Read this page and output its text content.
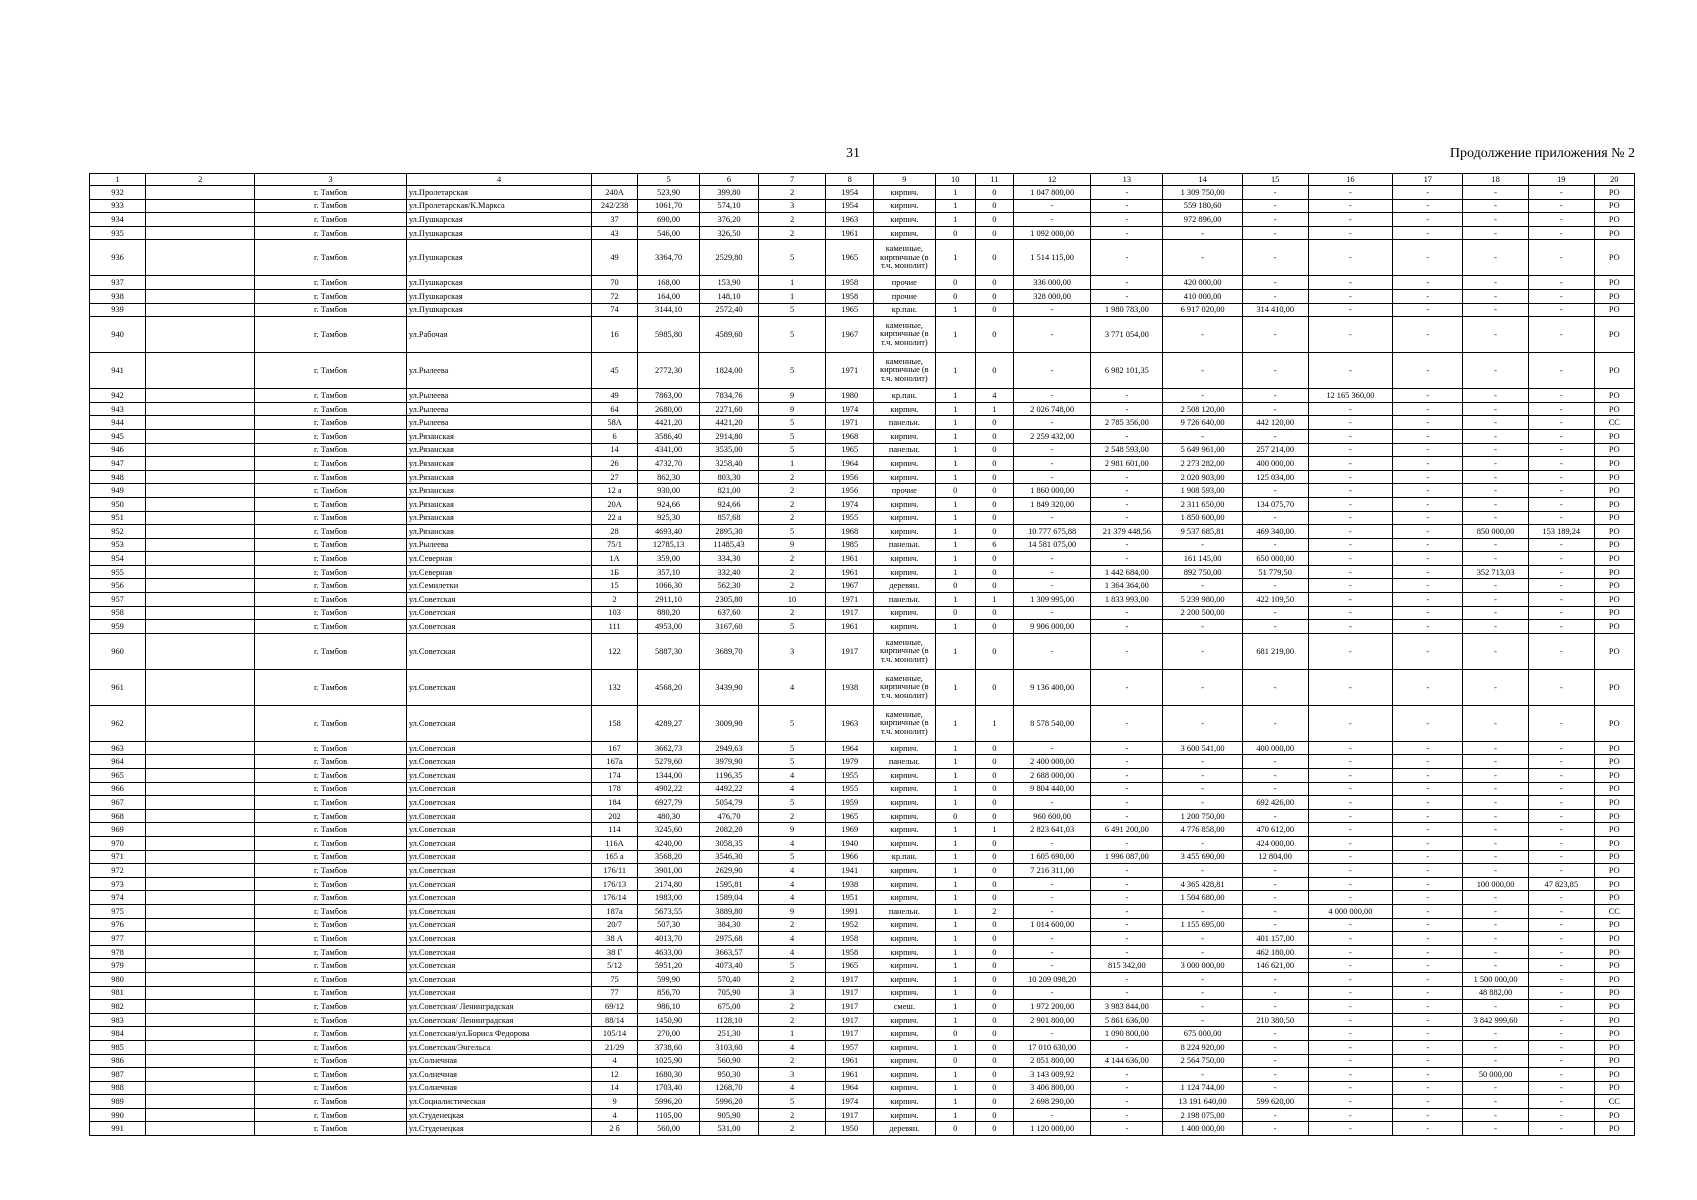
31	Продолжение приложения № 2
1	2	3	4		5	6	7	8	9	10	11	12	13	14	15	16	17	18	19	20
932		г. Тамбов	ул.Пролетарская	240А	523,90	399,80	2	1954	кирпич.	1	0	1 047 800,00	-	1 309 750,00	-	-	-	-	-	РО
933		г. Тамбов	ул.Пролетарская/К.Маркса	242/238	1061,70	574,10	3	1954	кирпич.	1	0	-	-	559 180,60	-	-	-	-	-	РО
934		г. Тамбов	ул.Пушкарская	37	690,00	376,20	2	1963	кирпич.	1	0	-	-	972 896,00	-	-	-	-	-	РО
935		г. Тамбов	ул.Пушкарская	43	546,00	326,50	2	1961	кирпич.	0	0	1 092 000,00	-	-	-	-	-	-	-	РО
936		г. Тамбов	ул.Пушкарская	49	3364,70	2529,80	5	1965	каменные, кирпичные (в т.ч. монолит)	1	0	1 514 115,00	-	-	-	-	-	-	-	РО
937		г. Тамбов	ул.Пушкарская	70	168,00	153,90	1	1958	прочие	0	0	336 000,00	-	420 000,00	-	-	-	-	-	РО
938		г. Тамбов	ул.Пушкарская	72	164,00	148,10	1	1958	прочие	0	0	328 000,00	-	410 000,00	-	-	-	-	-	РО
939		г. Тамбов	ул.Пушкарская	74	3144,10	2572,40	5	1965	кр.пан.	1	0	-	1 980 783,00	6 917 020,00	314 410,00	-	-	-	-	РО
940		г. Тамбов	ул.Рабочая	16	5985,80	4589,60	5	1967	каменные, кирпичные (в т.ч. монолит)	1	0	-	3 771 054,00	-	-	-	-	-	-	РО
941		г. Тамбов	ул.Рылеева	45	2772,30	1824,00	5	1971	каменные, кирпичные (в т.ч. монолит)	1	0	-	6 982 101,35	-	-	-	-	-	-	РО
942		г. Тамбов	ул.Рылеева	49	7863,00	7834,76	9	1980	кр.пан.	1	4	-	-	-	-	12 165 360,00	-	-	-	РО
943		г. Тамбов	ул.Рылеева	64	2680,00	2271,60	9	1974	кирпич.	1	1	2 026 748,00	-	2 508 120,00	-	-	-	-	-	РО
944		г. Тамбов	ул.Рылеева	58А	4421,20	4421,20	5	1971	панельн.	1	0	-	2 785 356,00	9 726 640,00	442 120,00	-	-	-	-	СС
945		г. Тамбов	ул.Рязанская	6	3586,40	2914,80	5	1968	кирпич.	1	0	2 259 432,00	-	-	-	-	-	-	-	РО
946		г. Тамбов	ул.Рязанская	14	4341,00	3535,00	5	1965	панельн.	1	0	-	2 548 593,00	5 649 961,00	257 214,00	-	-	-	-	РО
947		г. Тамбов	ул.Рязанская	26	4732,70	3258,40	1	1964	кирпич.	1	0	-	2 981 601,00	2 273 282,00	400 000,00	-	-	-	-	РО
948		г. Тамбов	ул.Рязанская	27	862,30	803,30	2	1956	кирпич.	1	0	-	-	2 020 903,00	125 034,00	-	-	-	-	РО
949		г. Тамбов	ул.Рязанская	12 а	930,00	821,00	2	1956	прочие	0	0	1 860 000,00	-	1 908 593,00	-	-	-	-	-	РО
950		г. Тамбов	ул.Рязанская	20А	924,66	924,66	2	1974	кирпич.	1	0	1 849 320,00	-	2 311 650,00	134 075,70	-	-	-	-	РО
951		г. Тамбов	ул.Рязанская	22 а	925,30	857,68	2	1955	кирпич.	1	0	-	-	1 850 600,00	-	-	-	-	-	РО
952		г. Тамбов	ул.Рязанская	28	4693,40	2895,30	5	1968	кирпич.	1	0	10 777 675,88	21 379 448,56	9 537 685,81	469 340,00	-	-	850 000,00	153 189,24	РО
953		г. Тамбов	ул.Рылеева	75/1	12785,13	11485,43	9	1985	панельн.	1	6	14 581 075,00	-	-	-	-	-	-	-	РО
954		г. Тамбов	ул.Северная	1А	359,00	334,30	2	1961	кирпич.	1	0	-	-	161 145,00	650 000,00	-	-	-	-	РО
955		г. Тамбов	ул.Северная	1Б	357,10	332,40	2	1961	кирпич.	1	0	-	1 442 684,00	892 750,00	51 779,50	-	-	352 713,03	-	РО
956		г. Тамбов	ул.Семилетки	15	1066,30	562,30	2	1967	деревян.	0	0	-	1 364 364,00	-	-	-	-	-	-	РО
957		г. Тамбов	ул.Советская	2	2911,10	2305,80	10	1971	панельн.	1	1	1 309 995,00	1 833 993,00	5 239 980,00	422 109,50	-	-	-	-	РО
958		г. Тамбов	ул.Советская	103	880,20	637,60	2	1917	кирпич.	0	0	-	-	2 200 500,00	-	-	-	-	-	РО
959		г. Тамбов	ул.Советская	111	4953,00	3167,60	5	1961	кирпич.	1	0	9 906 000,00	-	-	-	-	-	-	-	РО
960		г. Тамбов	ул.Советская	122	5887,30	3689,70	3	1917	каменные, кирпичные (в т.ч. монолит)	1	0	-	-	-	681 219,00	-	-	-	-	РО
961		г. Тамбов	ул.Советская	132	4568,20	3439,90	4	1938	каменные, кирпичные (в т.ч. монолит)	1	0	9 136 400,00	-	-	-	-	-	-	-	РО
962		г. Тамбов	ул.Советская	158	4289,27	3009,90	5	1963	каменные, кирпичные (в т.ч. монолит)	1	1	8 578 540,00	-	-	-	-	-	-	-	РО
963		г. Тамбов	ул.Советская	167	3662,73	2949,63	5	1964	кирпич.	1	0	-	-	3 600 541,00	400 000,00	-	-	-	-	РО
964		г. Тамбов	ул.Советская	167а	5279,60	3979,90	5	1979	панельн.	1	0	2 400 000,00	-	-	-	-	-	-	-	РО
965		г. Тамбов	ул.Советская	174	1344,00	1196,35	4	1955	кирпич.	1	0	2 688 000,00	-	-	-	-	-	-	-	РО
966		г. Тамбов	ул.Советская	178	4902,22	4492,22	4	1955	кирпич.	1	0	9 804 440,00	-	-	-	-	-	-	-	РО
967		г. Тамбов	ул.Советская	184	6927,79	5054,79	5	1959	кирпич.	1	0	-	-	-	692 426,00	-	-	-	-	РО
968		г. Тамбов	ул.Советская	202	480,30	476,70	2	1965	кирпич.	0	0	960 600,00	-	1 200 750,00	-	-	-	-	-	РО
969		г. Тамбов	ул.Советская	114	3245,60	2082,20	9	1969	кирпич.	1	1	2 823 641,03	6 491 200,00	4 776 858,00	470 612,00	-	-	-	-	РО
970		г. Тамбов	ул.Советская	116А	4240,00	3058,35	4	1940	кирпич.	1	0	-	-	-	424 000,00	-	-	-	-	РО
971		г. Тамбов	ул.Советская	165 а	3568,20	3546,30	5	1966	кр.пан.	1	0	1 605 690,00	1 996 087,00	3 455 690,00	12 804,00	-	-	-	-	РО
972		г. Тамбов	ул.Советская	176/11	3901,00	2629,90	4	1941	кирпич.	1	0	7 216 311,00	-	-	-	-	-	-	-	РО
973		г. Тамбов	ул.Советская	176/13	2174,80	1595,81	4	1938	кирпич.	1	0	-	-	4 365 428,81	-	-	-	100 000,00	47 823,85	РО
974		г. Тамбов	ул.Советская	176/14	1983,00	1589,04	4	1951	кирпич.	1	0	-	-	1 504 680,00	-	-	-	-	-	РО
975		г. Тамбов	ул.Советская	187а	5673,55	3889,80	9	1991	панельн.	1	2	-	-	-	-	4 000 000,00	-	-	-	СС
976		г. Тамбов	ул.Советская	20/7	507,30	384,30	2	1952	кирпич.	1	0	1 014 600,00	-	1 155 695,00	-	-	-	-	-	РО
977		г. Тамбов	ул.Советская	38 А	4013,70	2975,68	4	1958	кирпич.	1	0	-	-	-	401 157,00	-	-	-	-	РО
978		г. Тамбов	ул.Советская	38 Г	4633,00	3663,57	4	1958	кирпич.	1	0	-	-	-	462 180,00	-	-	-	-	РО
979		г. Тамбов	ул.Советская	5/12	5951,20	4073,40	5	1965	кирпич.	1	0	-	815 342,00	3 000 000,00	146 621,00	-	-	-	-	РО
980		г. Тамбов	ул.Советская	75	599,90	570,40	2	1917	кирпич.	1	0	10 209 098,20	-	-	-	-	-	1 500 000,00	-	РО
981		г. Тамбов	ул.Советская	77	856,70	705,90	3	1917	кирпич.	1	0	-	-	-	-	-	-	48 882,00	-	РО
982		г. Тамбов	ул.Советская/ Ленинградская	69/12	986,10	675,00	2	1917	смеш.	1	0	1 972 200,00	3 983 844,00	-	-	-	-	-	-	РО
983		г. Тамбов	ул.Советская/ Ленинградская	88/14	1450,90	1128,10	2	1917	кирпич.	1	0	2 901 800,00	5 861 636,00	-	210 380,50	-	-	3 842 999,60	-	РО
984		г. Тамбов	ул.Советская/ул.Бориса Федорова	105/14	270,00	251,30	1	1917	кирпич.	0	0	-	1 090 800,00	675 000,00	-	-	-	-	-	РО
985		г. Тамбов	ул.Советская/Энгельса	21/29	3738,60	3103,60	4	1957	кирпич.	1	0	17 010 630,00	-	8 224 920,00	-	-	-	-	-	РО
986		г. Тамбов	ул.Солнечная	4	1025,90	560,90	2	1961	кирпич.	0	0	2 051 800,00	4 144 636,00	2 564 750,00	-	-	-	-	-	РО
987		г. Тамбов	ул.Солнечная	12	1680,30	950,30	3	1961	кирпич.	1	0	3 143 009,92	-	-	-	-	-	50 000,00	-	РО
988		г. Тамбов	ул.Солнечная	14	1703,40	1268,70	4	1964	кирпич.	1	0	3 406 800,00	-	1 124 744,00	-	-	-	-	-	РО
989		г. Тамбов	ул.Социалистическая	9	5996,20	5996,20	5	1974	кирпич.	1	0	2 698 290,00	-	13 191 640,00	599 620,00	-	-	-	-	СС
990		г. Тамбов	ул.Студенецкая	4	1105,00	905,90	2	1917	кирпич.	1	0	-	-	2 198 075,00	-	-	-	-	-	РО
991		г. Тамбов	ул.Студенецкая	2 б	560,00	531,00	2	1950	деревян.	0	0	1 120 000,00	-	1 400 000,00	-	-	-	-	-	РО
